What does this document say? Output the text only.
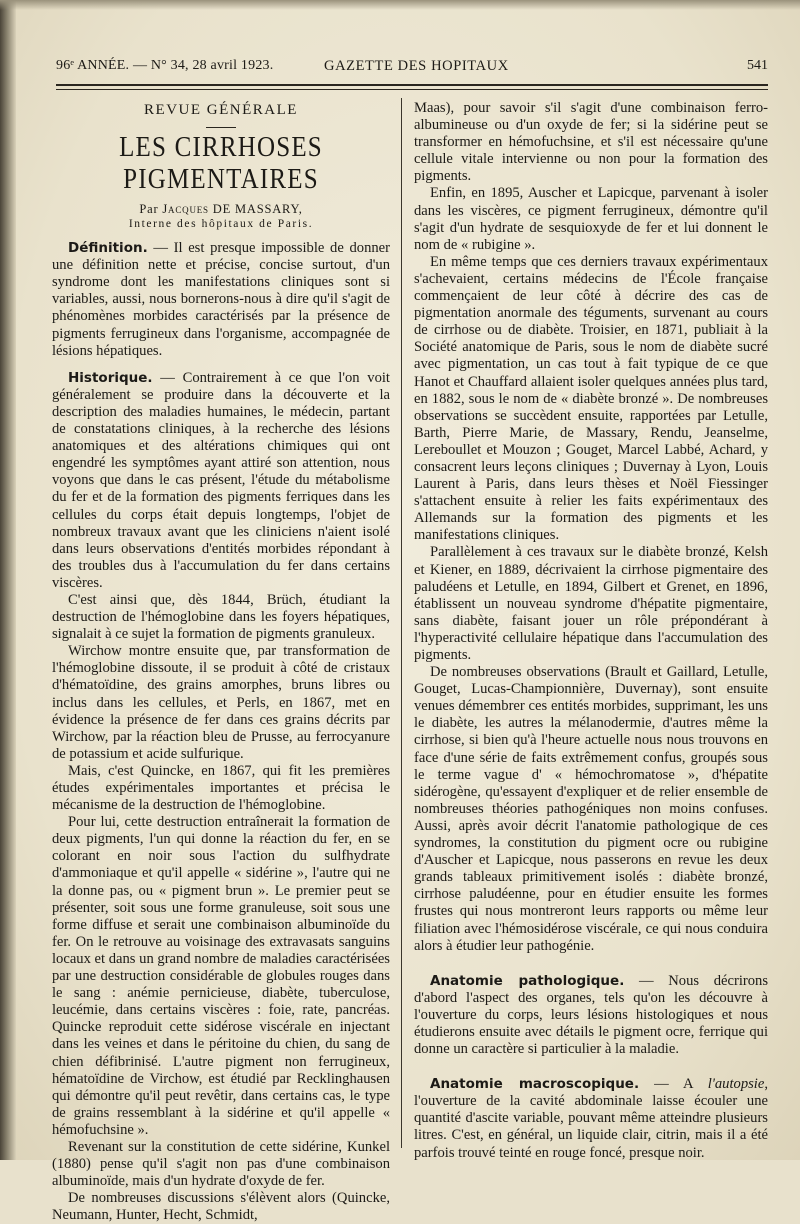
96ᵉ ANNÉE. — N° 34, 28 avril 1923.	GAZETTE DES HOPITAUX	541
REVUE GÉNÉRALE
LES CIRRHOSES PIGMENTAIRES
Par Jacques DE MASSARY,
Interne des hôpitaux de Paris.

Définition. — Il est presque impossible de donner une définition nette et précise, concise surtout, d'un syndrome dont les manifestations cliniques sont si variables, aussi, nous bornerons-nous à dire qu'il s'agit de phénomènes morbides caractérisés par la présence de pigments ferrugineux dans l'organisme, accompagnée de lésions hépatiques.

Historique. — Contrairement à ce que l'on voit généralement se produire dans la découverte et la description des maladies humaines, le médecin, partant de constatations cliniques, à la recherche des lésions anatomiques et des altérations chimiques qui ont engendré les symptômes ayant attiré son attention, nous voyons que dans le cas présent, l'étude du métabolisme du fer et de la formation des pigments ferriques dans les cellules du corps était depuis longtemps, l'objet de nombreux travaux avant que les cliniciens n'aient isolé dans leurs observations d'entités morbides répondant à des troubles dus à l'accumulation du fer dans certains viscères.

C'est ainsi que, dès 1844, Brüch, étudiant la destruction de l'hémoglobine dans les foyers hépatiques, signalait à ce sujet la formation de pigments granuleux.

Wirchow montre ensuite que, par transformation de l'hémoglobine dissoute, il se produit à côté de cristaux d'hématoïdine, des grains amorphes, bruns libres ou inclus dans les cellules, et Perls, en 1867, met en évidence la présence de fer dans ces grains décrits par Wirchow, par la réaction bleu de Prusse, au ferrocyanure de potassium et acide sulfurique.

Mais, c'est Quincke, en 1867, qui fit les premières études expérimentales importantes et précisa le mécanisme de la destruction de l'hémoglobine.

Pour lui, cette destruction entraînerait la formation de deux pigments, l'un qui donne la réaction du fer, en se colorant en noir sous l'action du sulfhydrate d'ammoniaque et qu'il appelle « sidérine », l'autre qui ne la donne pas, ou « pigment brun ». Le premier peut se présenter, soit sous une forme granuleuse, soit sous une forme diffuse et serait une combinaison albuminoïde du fer. On le retrouve au voisinage des extravasats sanguins locaux et dans un grand nombre de maladies caractérisées par une destruction considérable de globules rouges dans le sang : anémie pernicieuse, diabète, tuberculose, leucémie, dans certains viscères : foie, rate, pancréas. Quincke reproduit cette sidérose viscérale en injectant dans les veines et dans le péritoine du chien, du sang de chien défibrinisé. L'autre pigment non ferrugineux, hématoïdine de Virchow, est étudié par Recklinghausen qui démontre qu'il peut revêtir, dans certains cas, le type de grains ressemblant à la sidérine et qu'il appelle « hémofuchsine ».

Revenant sur la constitution de cette sidérine, Kunkel (1880) pense qu'il s'agit non pas d'une combinaison albuminoïde, mais d'un hydrate d'oxyde de fer.

De nombreuses discussions s'élèvent alors (Quincke, Neumann, Hunter, Hecht, Schmidt,

Maas), pour savoir s'il s'agit d'une combinaison ferro-albumineuse ou d'un oxyde de fer; si la sidérine peut se transformer en hémofuchsine, et s'il est nécessaire qu'une cellule vitale intervienne ou non pour la formation des pigments.

Enfin, en 1895, Auscher et Lapicque, parvenant à isoler dans les viscères, ce pigment ferrugineux, démontre qu'il s'agit d'un hydrate de sesquioxyde de fer et lui donnent le nom de « rubigine ».

En même temps que ces derniers travaux expérimentaux s'achevaient, certains médecins de l'École française commençaient de leur côté à décrire des cas de pigmentation anormale des téguments, survenant au cours de cirrhose ou de diabète. Troisier, en 1871, publiait à la Société anatomique de Paris, sous le nom de diabète sucré avec pigmentation, un cas tout à fait typique de ce que Hanot et Chauffard allaient isoler quelques années plus tard, en 1882, sous le nom de « diabète bronzé ». De nombreuses observations se succèdent ensuite, rapportées par Letulle, Barth, Pierre Marie, de Massary, Rendu, Jeanselme, Lereboullet et Mouzon ; Gouget, Marcel Labbé, Achard, y consacrent leurs leçons cliniques ; Duvernay à Lyon, Louis Laurent à Paris, dans leurs thèses et Noël Fiessinger s'attachent ensuite à relier les faits expérimentaux des Allemands sur la formation des pigments et les manifestations cliniques.

Parallèlement à ces travaux sur le diabète bronzé, Kelsh et Kiener, en 1889, décrivaient la cirrhose pigmentaire des paludéens et Letulle, en 1894, Gilbert et Grenet, en 1896, établissent un nouveau syndrome d'hépatite pigmentaire, sans diabète, faisant jouer un rôle prépondérant à l'hyperactivité cellulaire hépatique dans l'accumulation des pigments.

De nombreuses observations (Brault et Gaillard, Letulle, Gouget, Lucas-Championnière, Duvernay), sont ensuite venues démembrer ces entités morbides, supprimant, les uns le diabète, les autres la mélanodermie, d'autres même la cirrhose, si bien qu'à l'heure actuelle nous nous trouvons en face d'une série de faits extrêmement confus, groupés sous le terme vague d' « hémochromatose », d'hépatite sidérogène, qu'essayent d'expliquer et de relier ensemble de nombreuses théories pathogéniques non moins confuses. Aussi, après avoir décrit l'anatomie pathologique de ces syndromes, la constitution du pigment ocre ou rubigine d'Auscher et Lapicque, nous passerons en revue les deux grands tableaux primitivement isolés : diabète bronzé, cirrhose paludéenne, pour en étudier ensuite les formes frustes qui nous montreront leurs rapports ou même leur filiation avec l'hémosidérose viscérale, ce qui nous conduira alors à étudier leur pathogénie.

Anatomie pathologique. — Nous décrirons d'abord l'aspect des organes, tels qu'on les découvre à l'ouverture du corps, leurs lésions histologiques et nous étudierons ensuite avec détails le pigment ocre, ferrique qui donne un caractère si particulier à la maladie.

Anatomie macroscopique. — A l'autopsie, l'ouverture de la cavité abdominale laisse écouler une quantité d'ascite variable, pouvant même atteindre plusieurs litres. C'est, en général, un liquide clair, citrin, mais il a été parfois trouvé teinté en rouge foncé, presque noir.
